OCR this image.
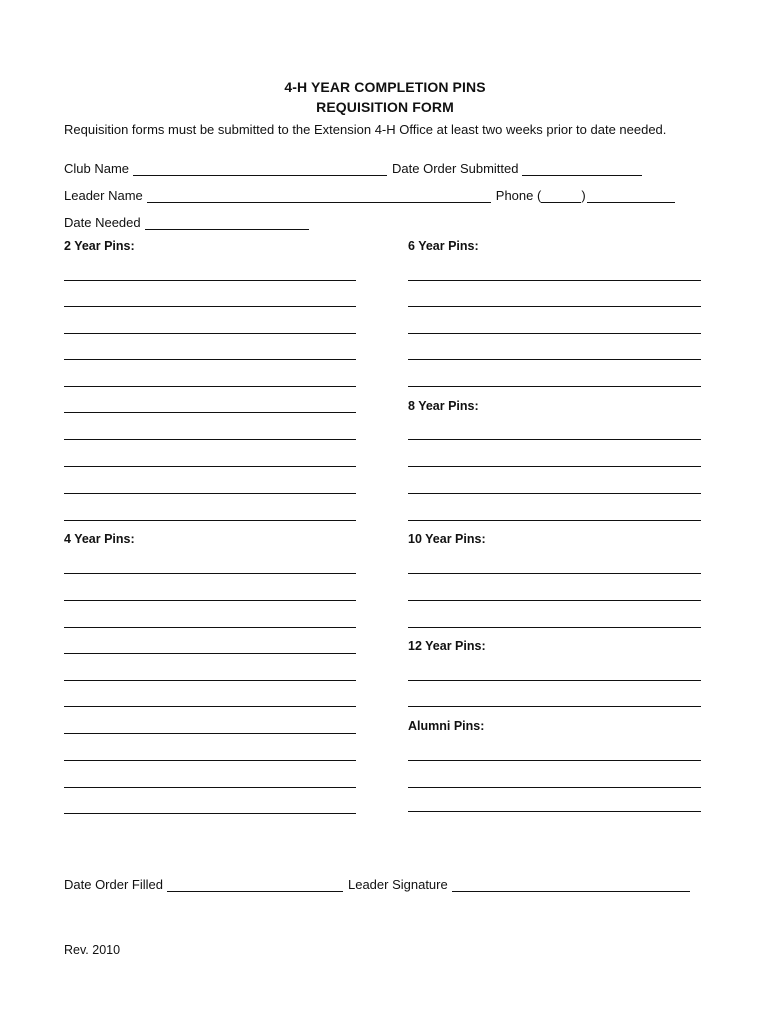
4-H YEAR COMPLETION PINS
REQUISITION FORM
Requisition forms must be submitted to the Extension 4-H Office at least two weeks prior to date needed.
Club Name	Date Order Submitted
Leader Name	Phone (	)
Date Needed
2 Year Pins:	6 Year Pins:
8 Year Pins:
4 Year Pins:	10 Year Pins:
12 Year Pins:
Alumni Pins:
Date Order Filled	Leader Signature
Rev. 2010
